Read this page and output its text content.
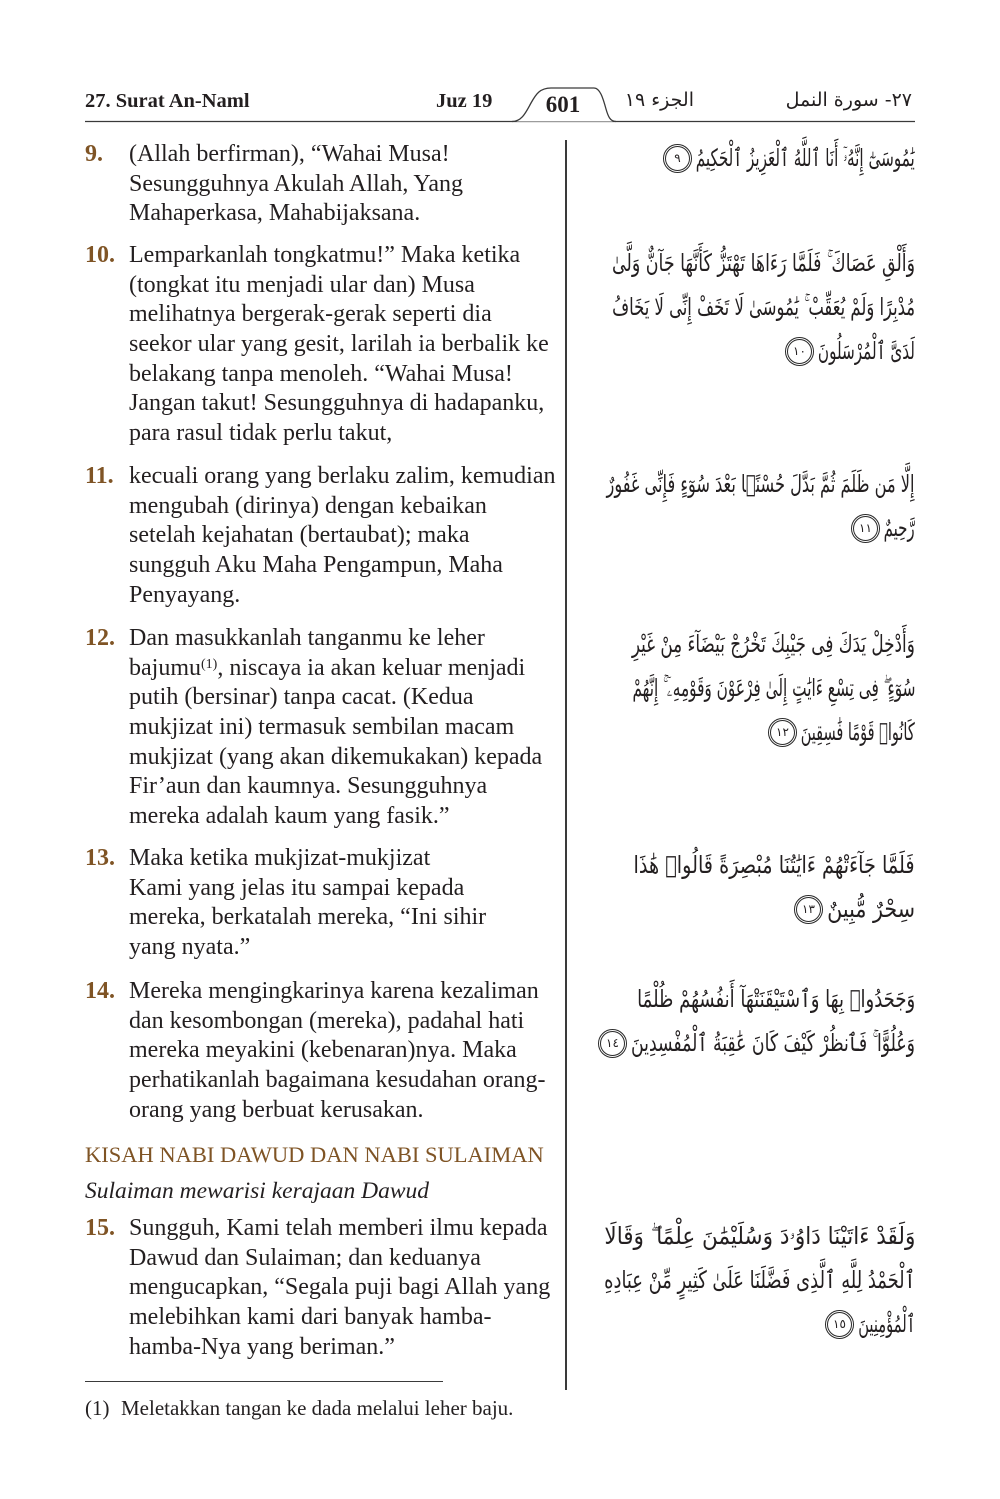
27. Surat An-Naml	Juz 19	601	الجزء ١٩	٢٧- سورة النمل
9. (Allah berfirman), “Wahai Musa!
Sesungguhnya Akulah Allah, Yang
Mahaperkasa, Mahabijaksana.
10. Lemparkanlah tongkatmu!” Maka ketika
(tongkat itu menjadi ular dan) Musa
melihatnya bergerak-gerak seperti dia
seekor ular yang gesit, larilah ia berbalik ke
belakang tanpa menoleh. “Wahai Musa!
Jangan takut! Sesungguhnya di hadapanku,
para rasul tidak perlu takut,
11. kecuali orang yang berlaku zalim, kemudian
mengubah (dirinya) dengan kebaikan
setelah kejahatan (bertaubat); maka
sungguh Aku Maha Pengampun, Maha
Penyayang.
12. Dan masukkanlah tanganmu ke leher
bajumu$^{(1)}$, niscaya ia akan keluar menjadi
putih (bersinar) tanpa cacat. (Kedua
mukjizat ini) termasuk sembilan macam
mukjizat (yang akan dikemukakan) kepada
Fir’aun dan kaumnya. Sesungguhnya
mereka adalah kaum yang fasik.”
13. Maka ketika mukjizat-mukjizat
Kami yang jelas itu sampai kepada
mereka, berkatalah mereka, “Ini sihir
yang nyata.”
14. Mereka mengingkarinya karena kezaliman
dan kesombongan (mereka), padahal hati
mereka meyakini (kebenaran)nya. Maka
perhatikanlah bagaimana kesudahan orang-
orang yang berbuat kerusakan.
KISAH NABI DAWUD DAN NABI SULAIMAN
Sulaiman mewarisi kerajaan Dawud
15. Sungguh, Kami telah memberi ilmu kepada
Dawud dan Sulaiman; dan keduanya
mengucapkan, “Segala puji bagi Allah yang
melebihkan kami dari banyak hamba-
hamba-Nya yang beriman.”
يَٰمُوسَىٰٓ إِنَّهُۥٓ أَنَا ٱللَّهُ ٱلْعَزِيزُ ٱلْحَكِيمُ٩
وَأَلْقِ عَصَاكَ ۚ فَلَمَّا رَءَاهَا تَهْتَزُّ كَأَنَّهَا جَآنٌّ وَلَّىٰ
مُدْبِرًا وَلَمْ يُعَقِّبْ ۚ يَٰمُوسَىٰ لَا تَخَفْ إِنِّى لَا يَخَافُ
لَدَىَّ ٱلْمُرْسَلُونَ١٠
إِلَّا مَن ظَلَمَ ثُمَّ بَدَّلَ حُسْنًۢا بَعْدَ سُوٓءٍ فَإِنِّى غَفُورٌ
رَّحِيمٌ١١
وَأَدْخِلْ يَدَكَ فِى جَيْبِكَ تَخْرُجْ بَيْضَآءَ مِنْ غَيْرِ
سُوٓءٍ ۖ فِى تِسْعِ ءَايَٰتٍ إِلَىٰ فِرْعَوْنَ وَقَوْمِهِۦٓ ۚ إِنَّهُمْ
كَانُوا۟ قَوْمًا فَٰسِقِينَ١٢
فَلَمَّا جَآءَتْهُمْ ءَايَٰتُنَا مُبْصِرَةً قَالُوا۟ هَٰذَا
سِحْرٌ مُّبِينٌ١٣
وَجَحَدُوا۟ بِهَا وَٱسْتَيْقَنَتْهَآ أَنفُسُهُمْ ظُلْمًا
وَعُلُوًّا ۚ فَٱنظُرْ كَيْفَ كَانَ عَٰقِبَةُ ٱلْمُفْسِدِينَ١٤
وَلَقَدْ ءَاتَيْنَا دَاوُۥدَ وَسُلَيْمَٰنَ عِلْمًا ۖ وَقَالَا
ٱلْحَمْدُ لِلَّهِ ٱلَّذِى فَضَّلَنَا عَلَىٰ كَثِيرٍ مِّنْ عِبَادِهِ
ٱلْمُؤْمِنِينَ١٥
(1) Meletakkan tangan ke dada melalui leher baju.
